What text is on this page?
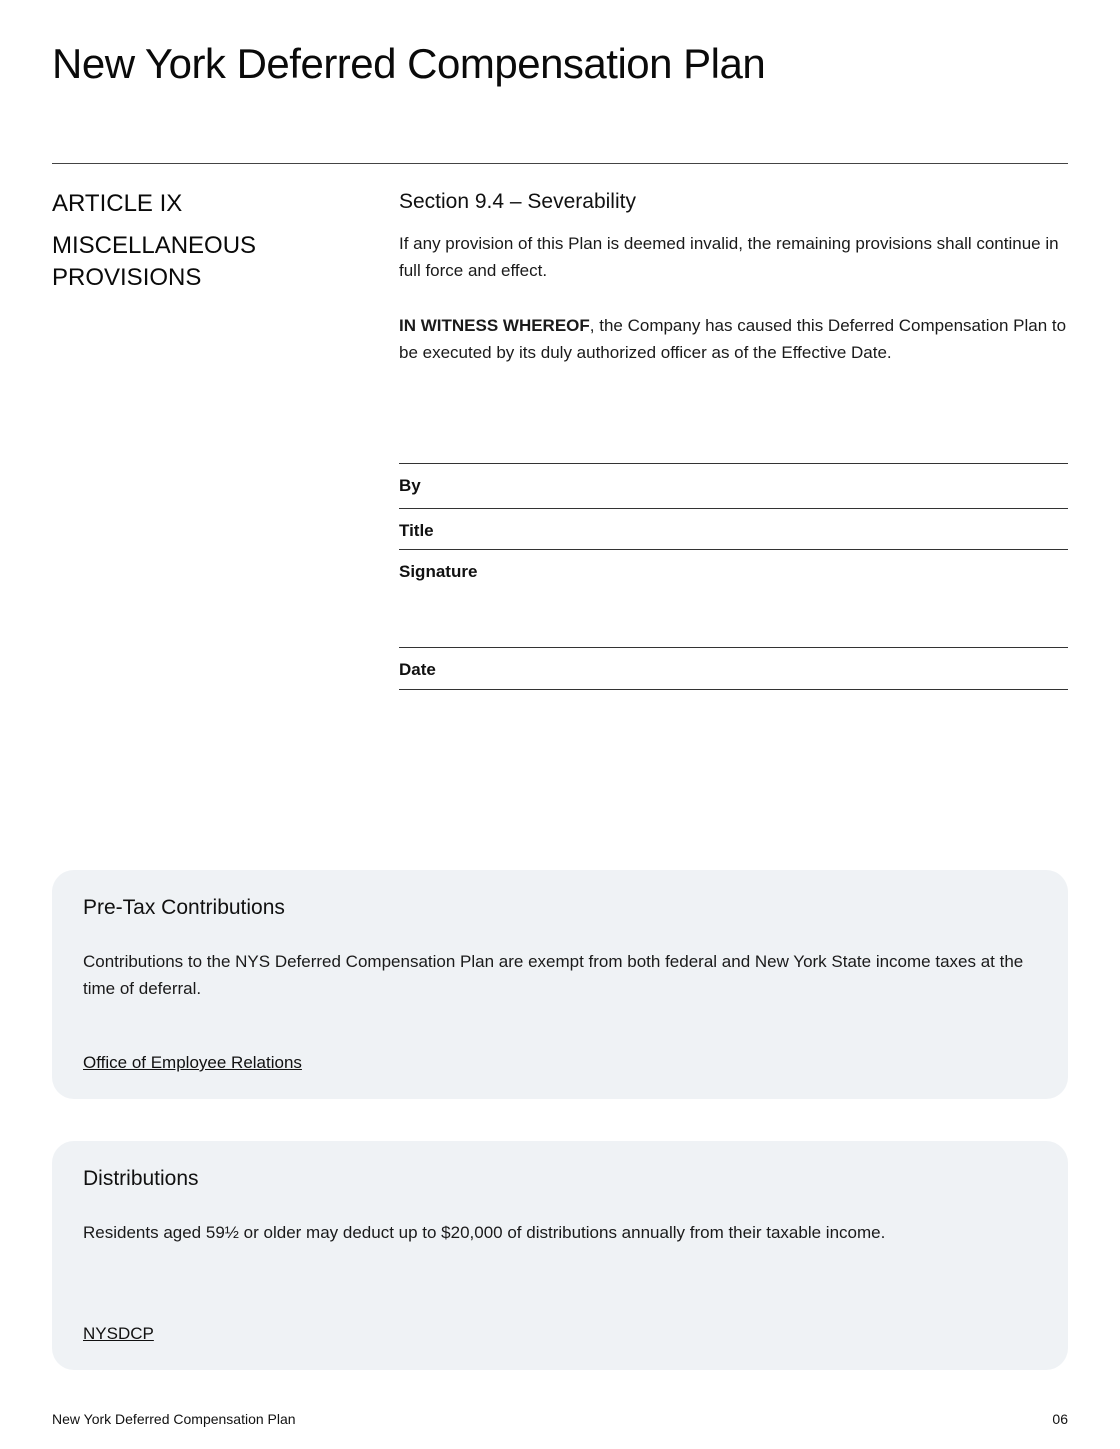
New York Deferred Compensation Plan
ARTICLE IX
MISCELLANEOUS PROVISIONS
Section 9.4 – Severability

If any provision of this Plan is deemed invalid, the remaining provisions shall continue in full force and effect.

IN WITNESS WHEREOF, the Company has caused this Deferred Compensation Plan to be executed by its duly authorized officer as of the Effective Date.

By
Title
Signature
Date
Pre-Tax Contributions

Contributions to the NYS Deferred Compensation Plan are exempt from both federal and New York State income taxes at the time of deferral.

Office of Employee Relations
Distributions

Residents aged 59½ or older may deduct up to $20,000 of distributions annually from their taxable income.

NYSDCP
New York Deferred Compensation Plan	06
